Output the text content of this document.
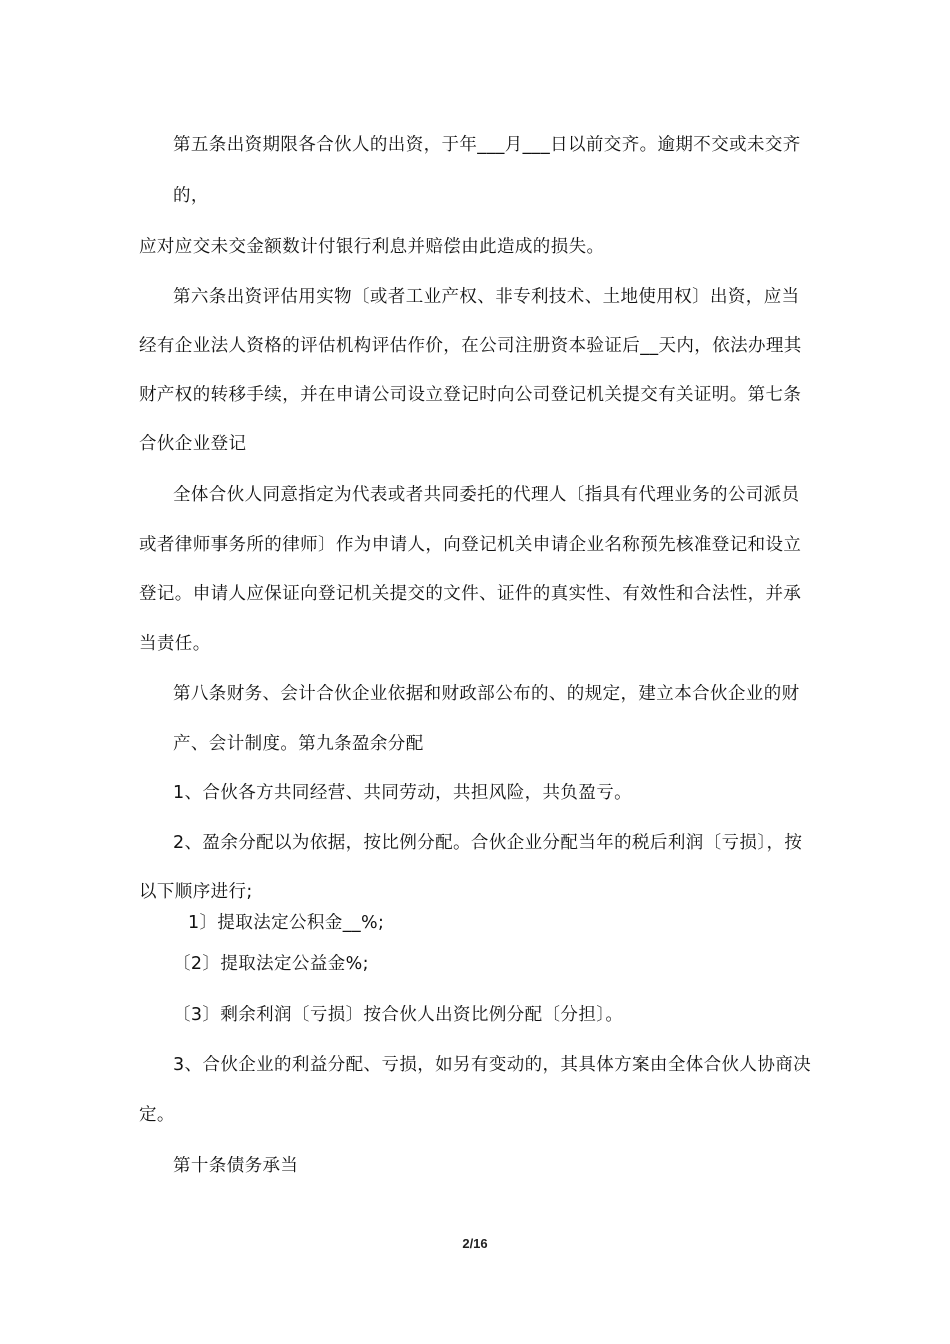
第五条出资期限各合伙人的出资，于年___月___日以前交齐。逾期不交或未交齐

的，

应对应交未交金额数计付银行利息并赔偿由此造成的损失。

第六条出资评估用实物〔或者工业产权、非专利技术、土地使用权〕出资，应当

经有企业法人资格的评估机构评估作价，在公司注册资本验证后__天内，依法办理其

财产权的转移手续，并在申请公司设立登记时向公司登记机关提交有关证明。第七条

合伙企业登记

全体合伙人同意指定为代表或者共同委托的代理人〔指具有代理业务的公司派员

或者律师事务所的律师〕作为申请人，向登记机关申请企业名称预先核准登记和设立

登记。申请人应保证向登记机关提交的文件、证件的真实性、有效性和合法性，并承

当责任。

第八条财务、会计合伙企业依据和财政部公布的、的规定，建立本合伙企业的财

产、会计制度。第九条盈余分配

1、合伙各方共同经营、共同劳动，共担风险，共负盈亏。

2、盈余分配以为依据，按比例分配。合伙企业分配当年的税后利润〔亏损〕，按

以下顺序进行;

1〕提取法定公积金__%;

〔2〕提取法定公益金%;

〔3〕剩余利润〔亏损〕按合伙人出资比例分配〔分担〕。

3、合伙企业的利益分配、亏损，如另有变动的，其具体方案由全体合伙人协商决

定。

第十条债务承当

2/16
